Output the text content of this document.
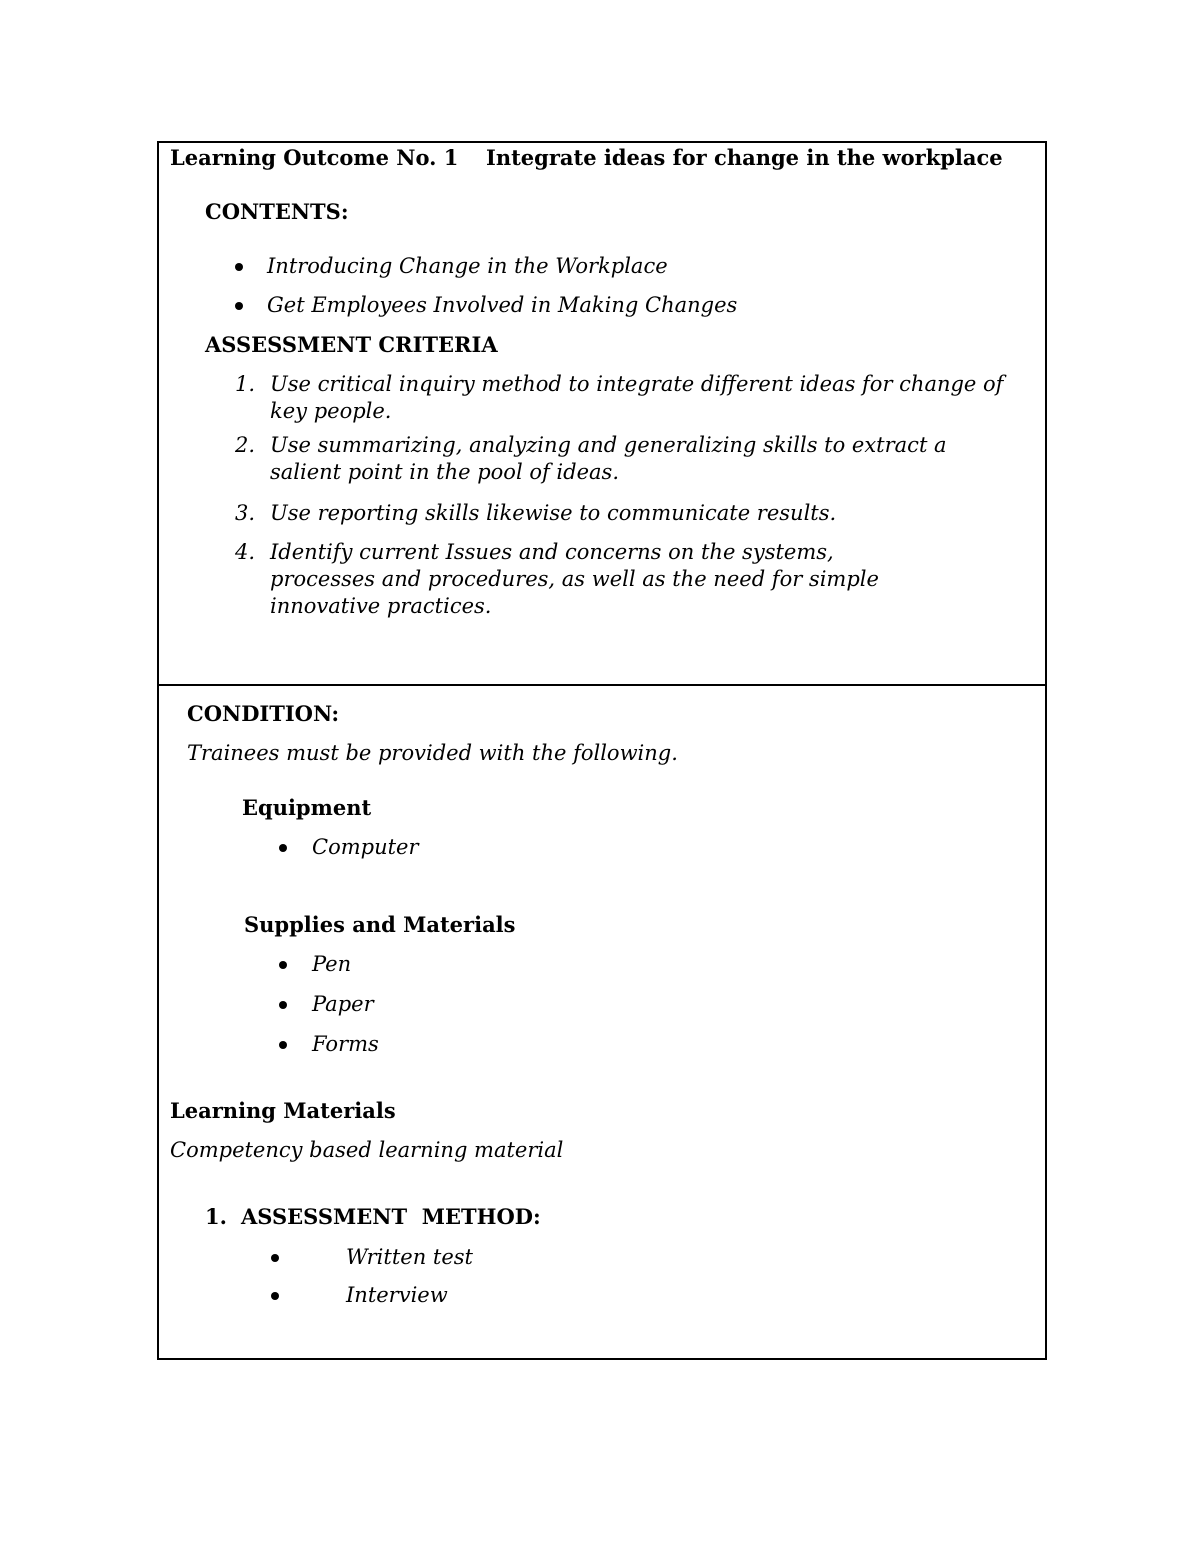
Learning Outcome No. 1 Integrate ideas for change in the workplace
CONTENTS:
Introducing Change in the Workplace
Get Employees Involved in Making Changes
ASSESSMENT CRITERIA
1. Use critical inquiry method to integrate different ideas for change of key people.
2. Use summarizing, analyzing and generalizing skills to extract a salient point in the pool of ideas.
3. Use reporting skills likewise to communicate results.
4. Identify current Issues and concerns on the systems, processes and procedures, as well as the need for simple innovative practices.
CONDITION:
Trainees must be provided with the following.
Equipment
Computer
Supplies and Materials
Pen
Paper
Forms
Learning Materials
Competency based learning material
1. ASSESSMENT  METHOD:
Written test
Interview
